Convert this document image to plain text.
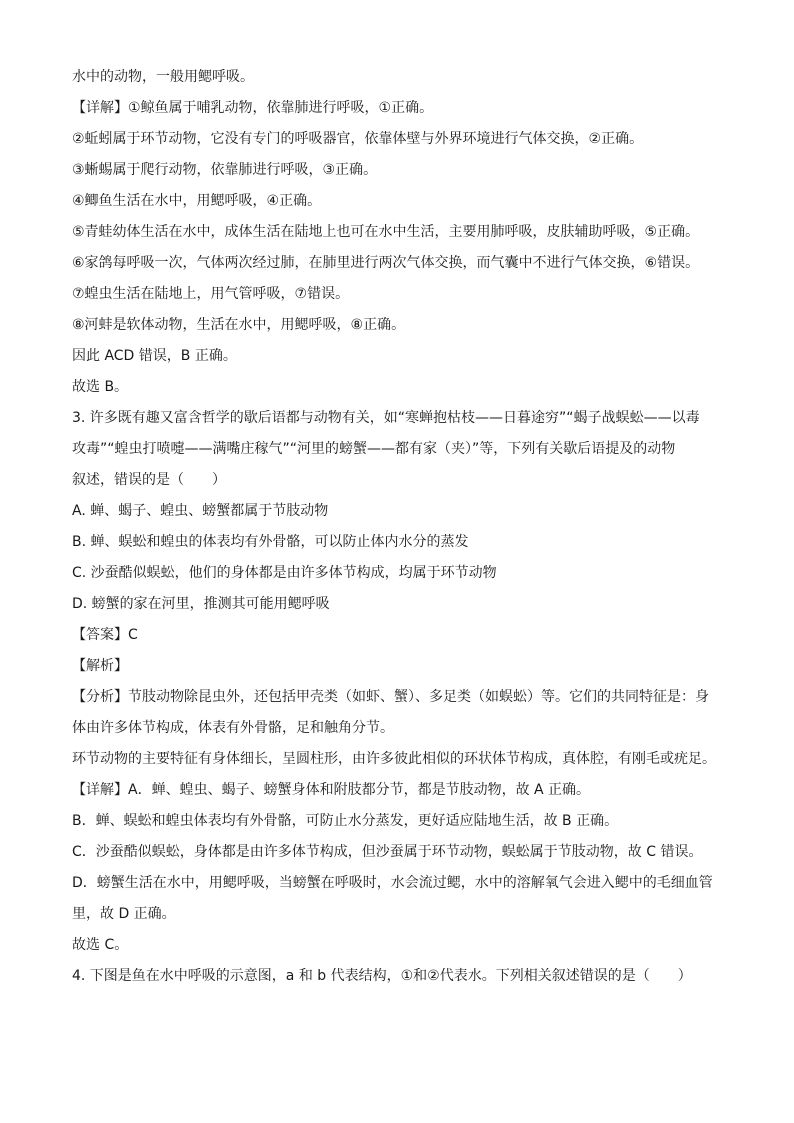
水中的动物，一般用鳃呼吸。
【详解】①鲸鱼属于哺乳动物，依靠肺进行呼吸，①正确。
②蚯蚓属于环节动物，它没有专门的呼吸器官，依靠体壁与外界环境进行气体交换，②正确。
③蜥蜴属于爬行动物，依靠肺进行呼吸，③正确。
④鲫鱼生活在水中，用鳃呼吸，④正确。
⑤青蛙幼体生活在水中，成体生活在陆地上也可在水中生活，主要用肺呼吸，皮肤辅助呼吸，⑤正确。
⑥家鸽每呼吸一次，气体两次经过肺，在肺里进行两次气体交换，而气囊中不进行气体交换，⑥错误。
⑦蝗虫生活在陆地上，用气管呼吸，⑦错误。
⑧河蚌是软体动物，生活在水中，用鳃呼吸，⑧正确。
因此 ACD 错误，B 正确。
故选 B。
3. 许多既有趣又富含哲学的歇后语都与动物有关，如“寒蝉抱枯枝——日暮途穷”“蝎子战蜈蚣——以毒
攻毒”“蝗虫打喷嚏——满嘴庄稼气”“河里的螃蟹——都有家（夹）”等，下列有关歇后语提及的动物
叙述，错误的是（　　）
A. 蝉、蝎子、蝗虫、螃蟹都属于节肢动物
B. 蝉、蜈蚣和蝗虫的体表均有外骨骼，可以防止体内水分的蒸发
C. 沙蚕酷似蜈蚣，他们的身体都是由许多体节构成，均属于环节动物
D. 螃蟹的家在河里，推测其可能用鳃呼吸
【答案】C
【解析】
【分析】节肢动物除昆虫外，还包括甲壳类（如虾、蟹）、多足类（如蜈蚣）等。它们的共同特征是：身
体由许多体节构成，体表有外骨骼，足和触角分节。
环节动物的主要特征有身体细长，呈圆柱形，由许多彼此相似的环状体节构成，真体腔，有刚毛或疣足。
【详解】A．蝉、蝗虫、蝎子、螃蟹身体和附肢都分节，都是节肢动物，故 A 正确。
B．蝉、蜈蚣和蝗虫体表均有外骨骼，可防止水分蒸发，更好适应陆地生活，故 B 正确。
C．沙蚕酷似蜈蚣，身体都是由许多体节构成，但沙蚕属于环节动物，蜈蚣属于节肢动物，故 C 错误。
D．螃蟹生活在水中，用鳃呼吸，当螃蟹在呼吸时，水会流过鳃，水中的溶解氧气会进入鳃中的毛细血管
里，故 D 正确。
故选 C。
4. 下图是鱼在水中呼吸的示意图，a 和 b 代表结构，①和②代表水。下列相关叙述错误的是（　　）
